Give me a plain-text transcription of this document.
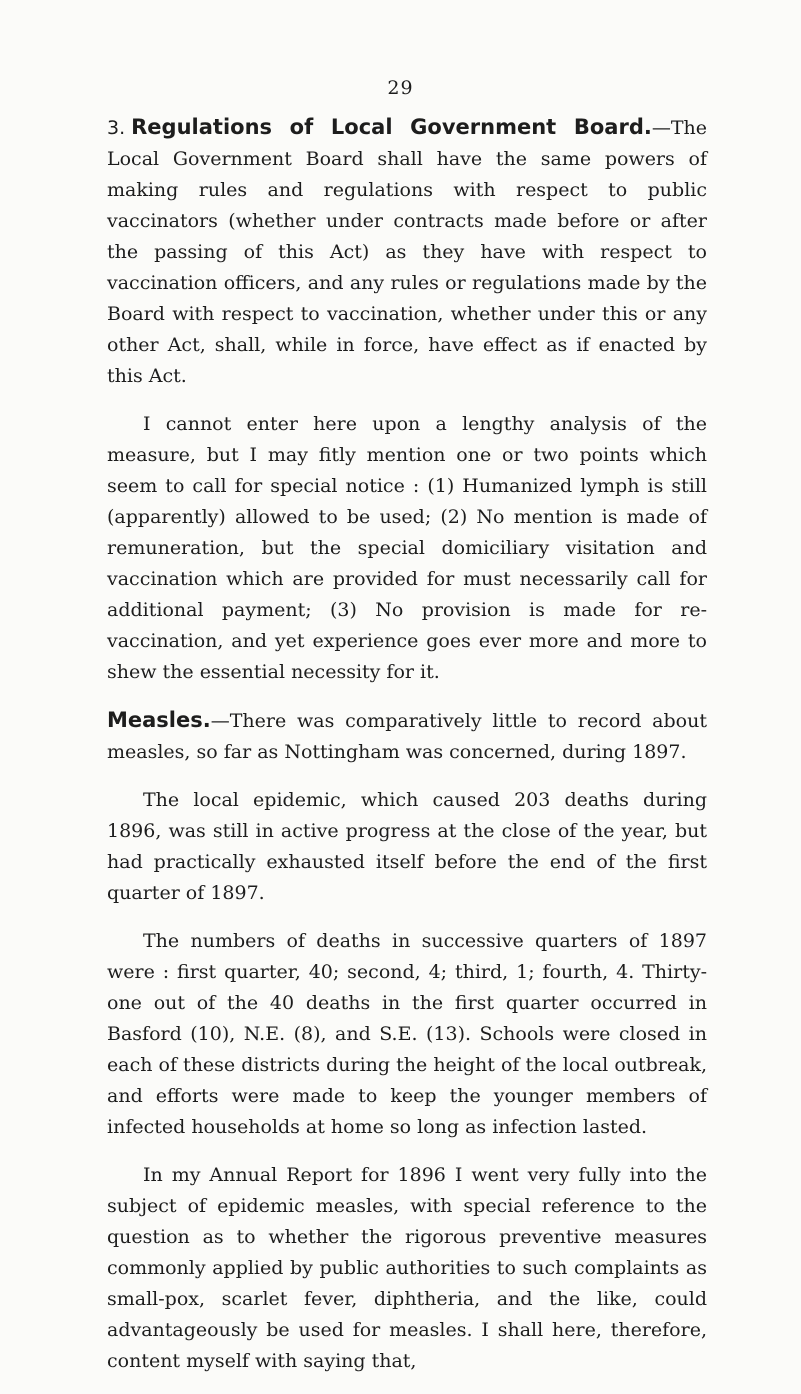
29

3. Regulations of Local Government Board.—The Local Government Board shall have the same powers of making rules and regulations with respect to public vaccinators (whether under contracts made before or after the passing of this Act) as they have with respect to vaccination officers, and any rules or regulations made by the Board with respect to vaccination, whether under this or any other Act, shall, while in force, have effect as if enacted by this Act.

I cannot enter here upon a lengthy analysis of the measure, but I may fitly mention one or two points which seem to call for special notice : (1) Humanized lymph is still (apparently) allowed to be used; (2) No mention is made of remuneration, but the special domiciliary visitation and vaccination which are provided for must necessarily call for additional payment; (3) No provision is made for re-vaccination, and yet experience goes ever more and more to shew the essential necessity for it.

Measles.—There was comparatively little to record about measles, so far as Nottingham was concerned, during 1897.

The local epidemic, which caused 203 deaths during 1896, was still in active progress at the close of the year, but had practically exhausted itself before the end of the first quarter of 1897.

The numbers of deaths in successive quarters of 1897 were : first quarter, 40; second, 4; third, 1; fourth, 4. Thirty-one out of the 40 deaths in the first quarter occurred in Basford (10), N.E. (8), and S.E. (13). Schools were closed in each of these districts during the height of the local outbreak, and efforts were made to keep the younger members of infected households at home so long as infection lasted.

In my Annual Report for 1896 I went very fully into the subject of epidemic measles, with special reference to the question as to whether the rigorous preventive measures commonly applied by public authorities to such complaints as small-pox, scarlet fever, diphtheria, and the like, could advantageously be used for measles. I shall here, therefore, content myself with saying that,
